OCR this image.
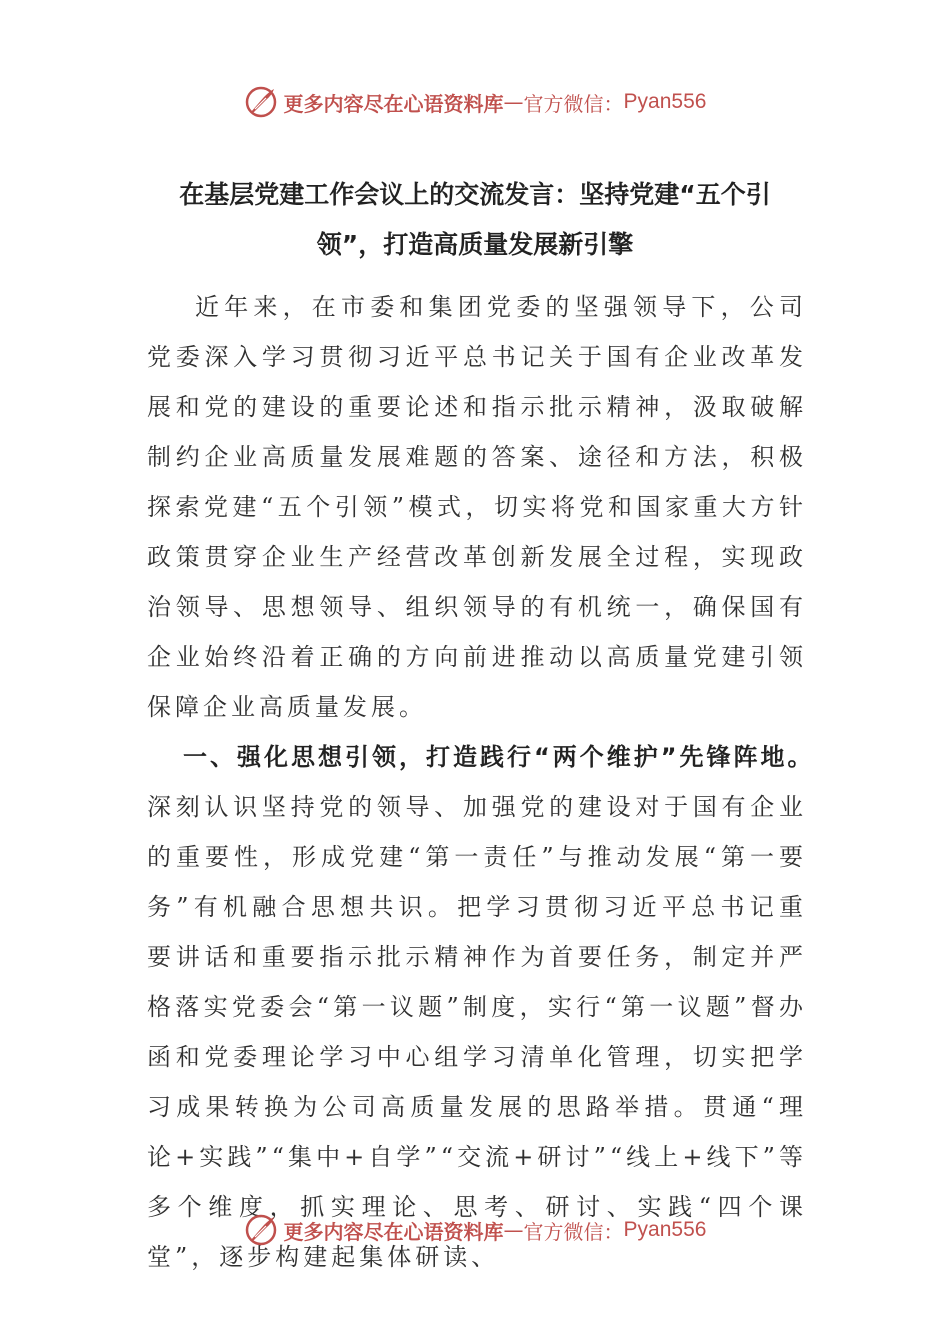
更多内容尽在心语资料库 — 官方微信： Pyan556
在基层党建工作会议上的交流发言：坚持党建“五个引
领”，打造高质量发展新引擎

近年来，在市委和集团党委的坚强领导下，公司党委深入学习贯彻习近平总书记关于国有企业改革发展和党的建设的重要论述和指示批示精神，汲取破解制约企业高质量发展难题的答案、途径和方法，积极探索党建“五个引领”模式，切实将党和国家重大方针政策贯穿企业生产经营改革创新发展全过程，实现政治领导、思想领导、组织领导的有机统一，确保国有企业始终沿着正确的方向前进推动以高质量党建引领保障企业高质量发展。

一、强化思想引领，打造践行“两个维护”先锋阵地。

深刻认识坚持党的领导、加强党的建设对于国有企业的重要性，形成党建“第一责任”与推动发展“第一要务”有机融合思想共识。把学习贯彻习近平总书记重要讲话和重要指示批示精神作为首要任务，制定并严格落实党委会“第一议题”制度，实行“第一议题”督办函和党委理论学习中心组学习清单化管理，切实把学习成果转换为公司高质量发展的思路举措。贯通“理论+实践”“集中+自学”“交流+研讨”“线上+线下”等多个维度，抓实理论、思考、研讨、实践“四个课堂”，逐步构建起集体研读、

更多内容尽在心语资料库 — 官方微信： Pyan556
